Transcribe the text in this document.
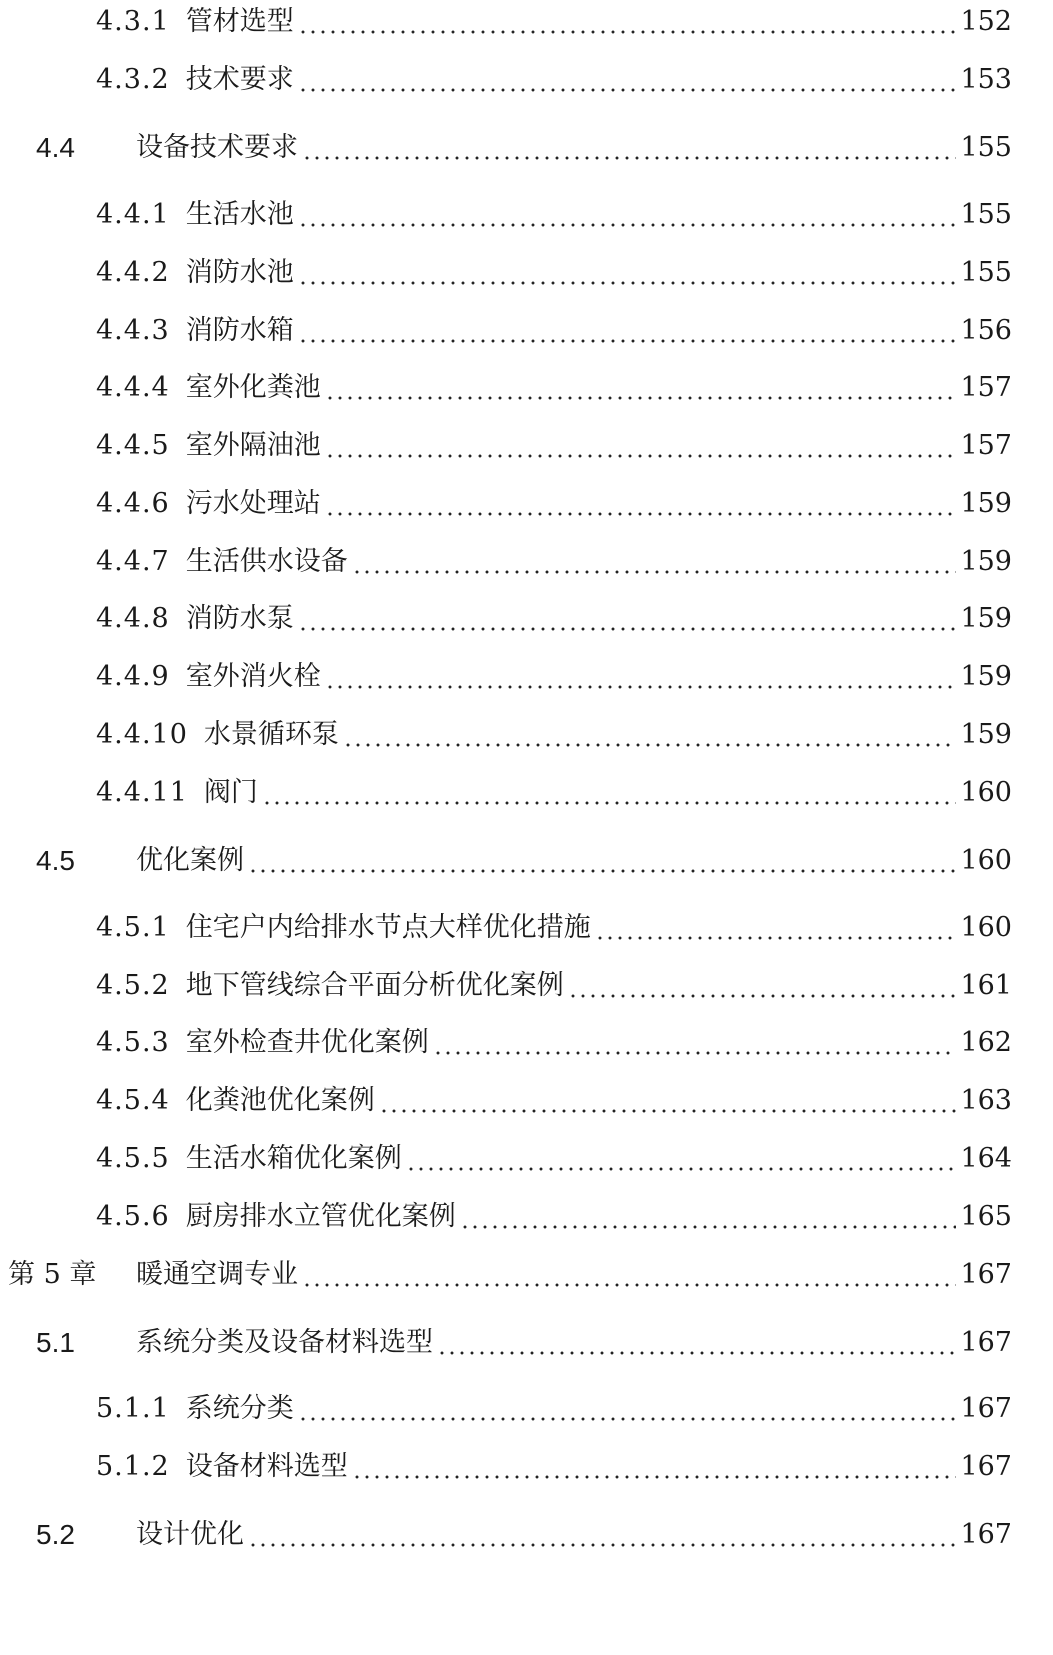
4.3.1 管材选型	152
4.3.2 技术要求	153
4.4	设备技术要求	155
4.4.1 生活水池	155
4.4.2 消防水池	155
4.4.3 消防水箱	156
4.4.4 室外化粪池	157
4.4.5 室外隔油池	157
4.4.6 污水处理站	159
4.4.7 生活供水设备	159
4.4.8 消防水泵	159
4.4.9 室外消火栓	159
4.4.10 水景循环泵	159
4.4.11 阀门	160
4.5	优化案例	160
4.5.1 住宅户内给排水节点大样优化措施	160
4.5.2 地下管线综合平面分析优化案例	161
4.5.3 室外检查井优化案例	162
4.5.4 化粪池优化案例	163
4.5.5 生活水箱优化案例	164
4.5.6 厨房排水立管优化案例	165
第 5 章	暖通空调专业	167
5.1	系统分类及设备材料选型	167
5.1.1 系统分类	167
5.1.2 设备材料选型	167
5.2	设计优化	167
